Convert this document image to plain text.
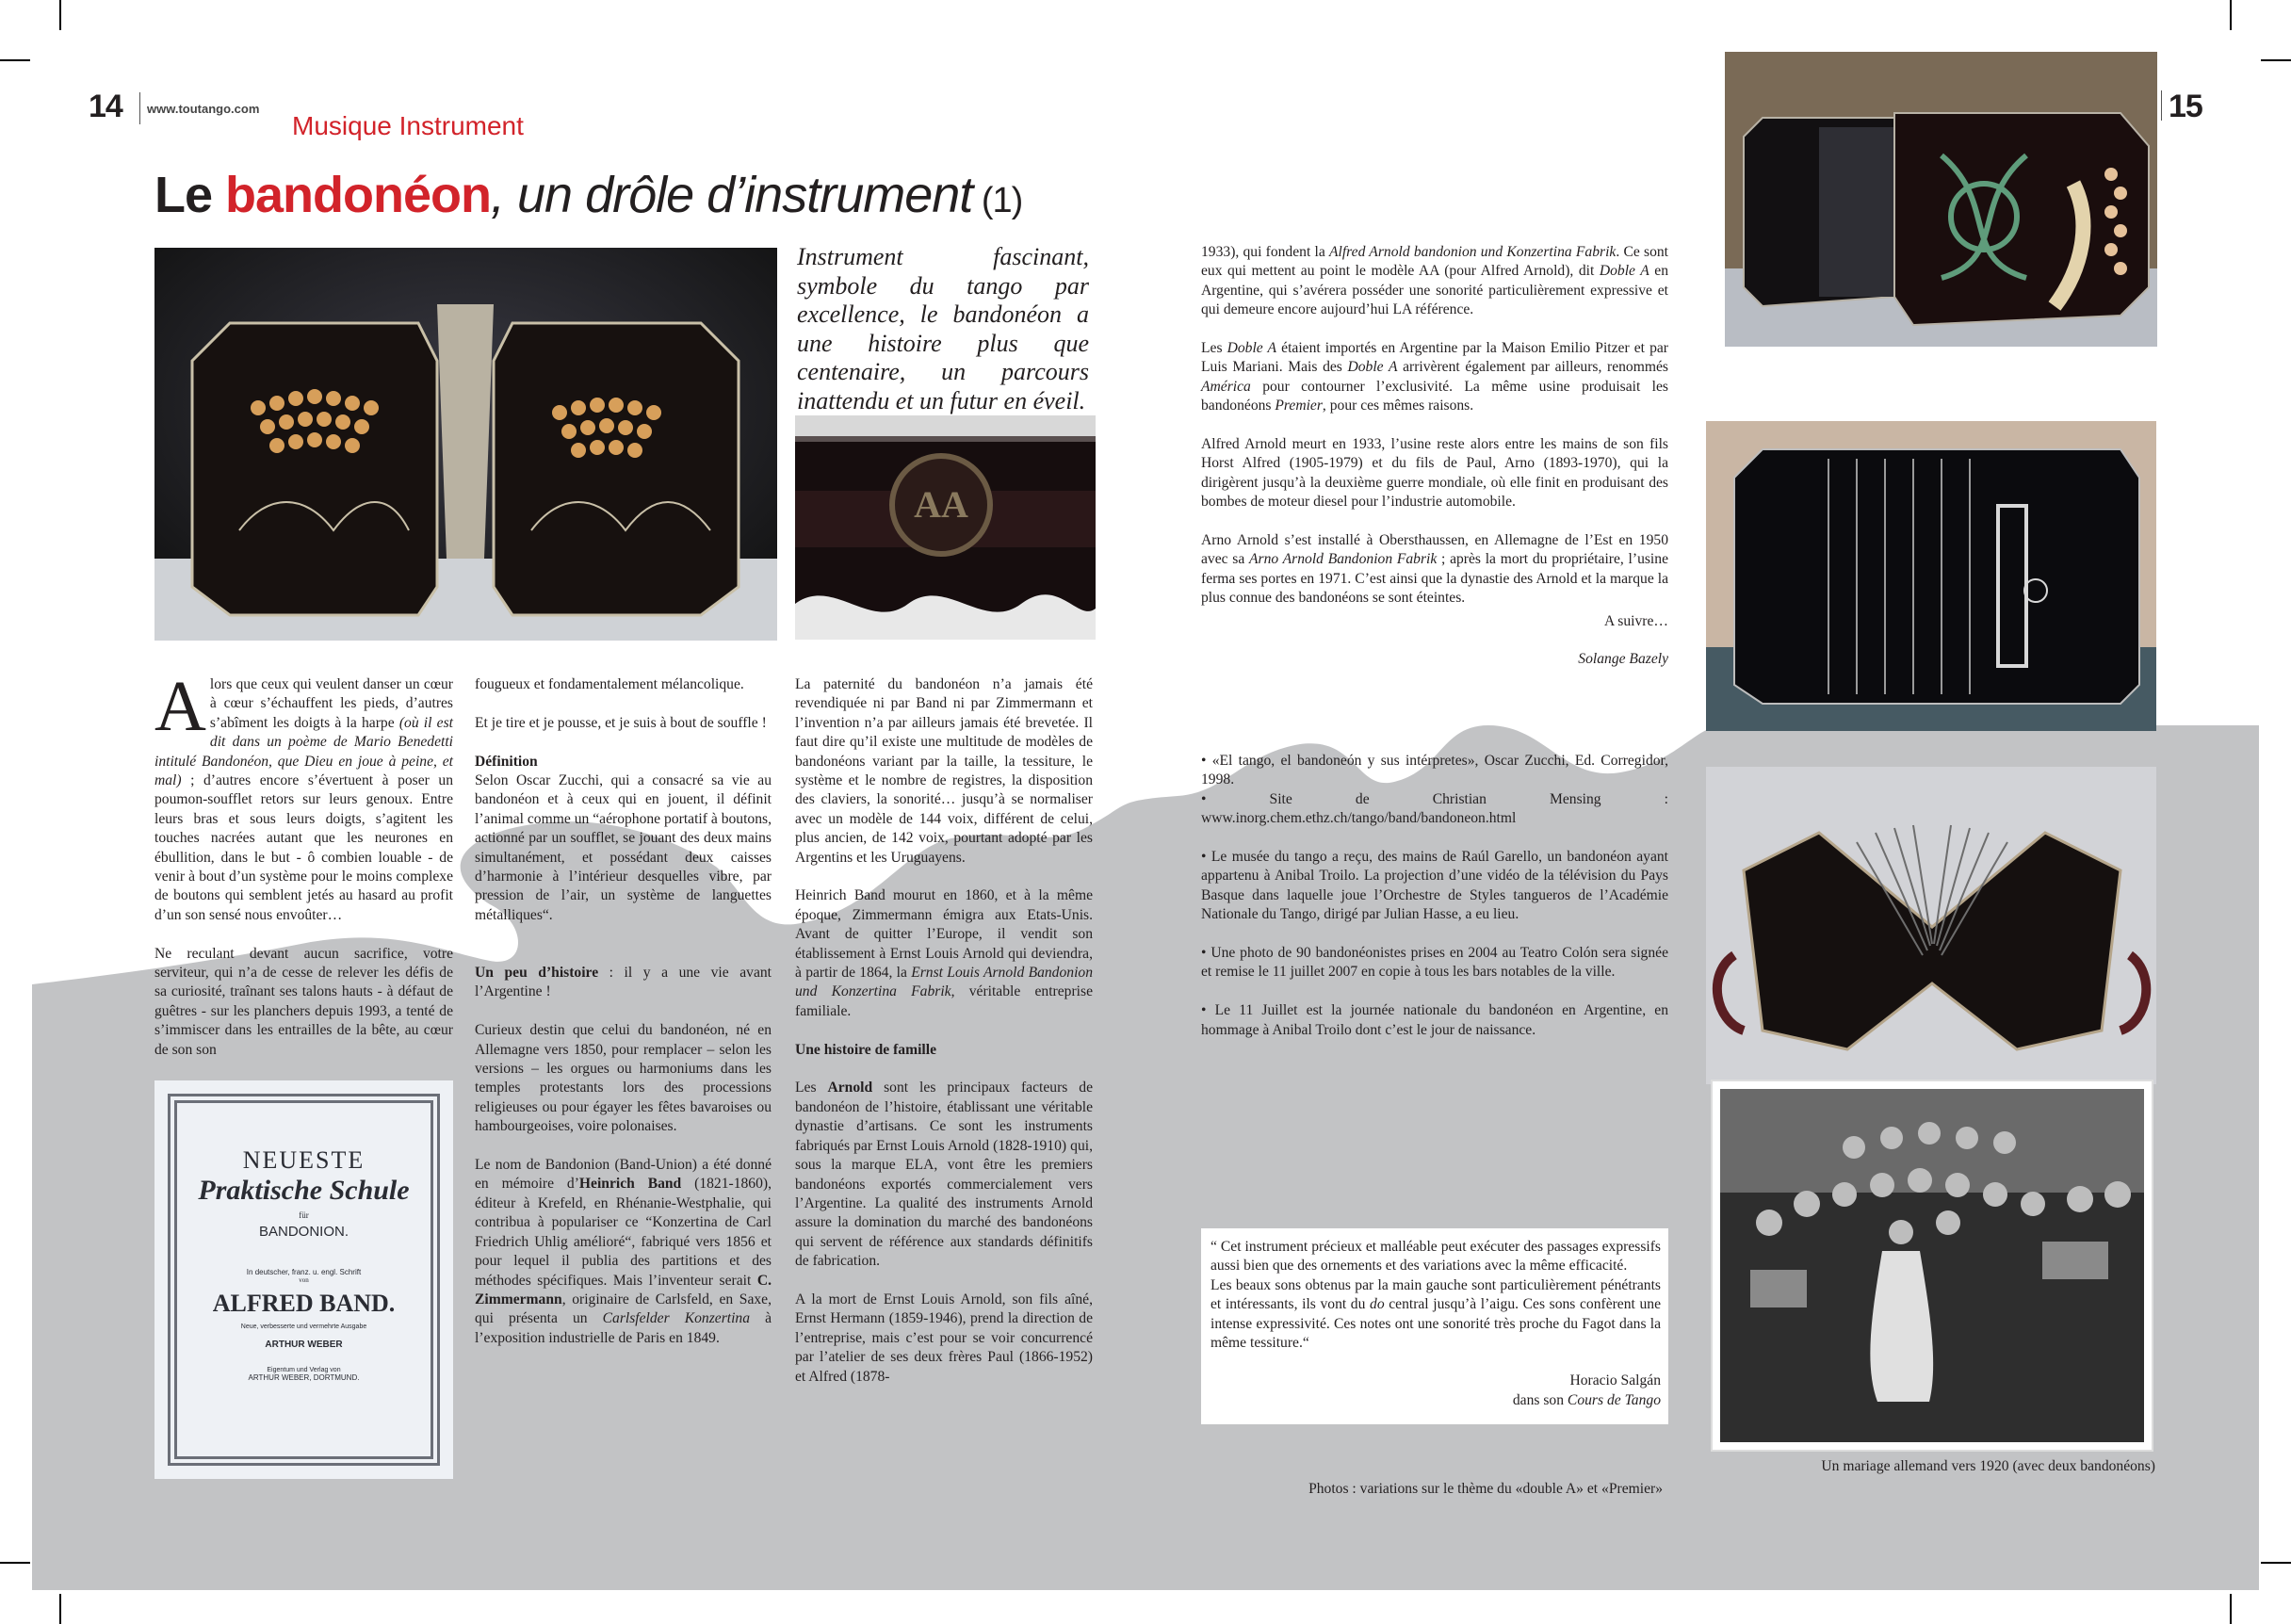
14 www.toutango.com
Musique Instrument
15
Le bandonéon, un drôle d’instrument (1)
Instrument fascinant, symbole du tango par excellence, le bandonéon a une histoire plus que centenaire, un parcours inattendu et un futur en éveil.
AA

Alors que ceux qui veulent danser un cœur à cœur s’échauffent les pieds, d’autres s’abîment les doigts à la harpe (où il est dit dans un poème de Mario Benedetti intitulé Bandonéon, que Dieu en joue à peine, et mal) ; d’autres encore s’évertuent à poser un poumon-soufflet retors sur leurs genoux. Entre leurs bras et sous leurs doigts, s’agitent les touches nacrées autant que les neurones en ébullition, dans le but - ô combien louable - de venir à bout d’un système pour le moins complexe de boutons qui semblent jetés au hasard au profit d’un son sensé nous envoûter…

Ne reculant devant aucun sacrifice, votre serviteur, qui n’a de cesse de relever les défis de sa curiosité, traînant ses talons hauts - à défaut de guêtres - sur les planchers depuis 1993, a tenté de s’immiscer dans les entrailles de la bête, au cœur de son son

NEUESTE
Praktische Schule
für
BANDONION.
In deutscher, franz. u. engl. Schrift
von
ALFRED BAND.
Neue, verbesserte und vermehrte Ausgabe
ARTHUR WEBER
Eigentum und Verlag von
ARTHUR WEBER, DORTMUND.

fougueux et fondamentalement mélancolique.

Et je tire et je pousse, et je suis à bout de souffle !

Définition

Selon Oscar Zucchi, qui a consacré sa vie au bandonéon et à ceux qui en jouent, il définit l’animal comme un “aérophone portatif à boutons, actionné par un soufflet, se jouant des deux mains simultanément, et possédant deux caisses d’harmonie à l’intérieur desquelles vibre, par pression de l’air, un système de languettes métalliques“.

Un peu d’histoire : il y a une vie avant l’Argentine !

Curieux destin que celui du bandonéon, né en Allemagne vers 1850, pour remplacer – selon les versions – les orgues ou harmoniums dans les temples protestants lors des processions religieuses ou pour égayer les fêtes bavaroises ou hambourgeoises, voire polonaises.

Le nom de Bandonion (Band-Union) a été donné en mémoire d’Heinrich Band (1821-1860), éditeur à Krefeld, en Rhénanie-Westphalie, qui contribua à populariser ce “Konzertina de Carl Friedrich Uhlig amélioré“, fabriqué vers 1856 et pour lequel il publia des partitions et des méthodes spécifiques. Mais l’inventeur serait C. Zimmermann, originaire de Carlsfeld, en Saxe, qui présenta un Carlsfelder Konzertina à l’exposition industrielle de Paris en 1849.

La paternité du bandonéon n’a jamais été revendiquée ni par Band ni par Zimmermann et l’invention n’a par ailleurs jamais été brevetée. Il faut dire qu’il existe une multitude de modèles de bandonéons variant par la taille, la tessiture, le système et le nombre de registres, la disposition des claviers, la sonorité… jusqu’à se normaliser avec un modèle de 144 voix, différent de celui, plus ancien, de 142 voix, pourtant adopté par les Argentins et les Uruguayens.

Heinrich Band mourut en 1860, et à la même époque, Zimmermann émigra aux Etats-Unis. Avant de quitter l’Europe, il vendit son établissement à Ernst Louis Arnold qui deviendra, à partir de 1864, la Ernst Louis Arnold Bandonion und Konzertina Fabrik, véritable entreprise familiale.

Une histoire de famille

Les Arnold sont les principaux facteurs de bandonéon de l’histoire, établissant une véritable dynastie d’artisans. Ce sont les instruments fabriqués par Ernst Louis Arnold (1828-1910) qui, sous la marque ELA, vont être les premiers bandonéons exportés commercialement vers l’Argentine. La qualité des instruments Arnold assure la domination du marché des bandonéons qui servent de référence aux standards définitifs de fabrication.

A la mort de Ernst Louis Arnold, son fils aîné, Ernst Hermann (1859-1946), prend la direction de l’entreprise, mais c’est pour se voir concurrencé par l’atelier de ses deux frères Paul (1866-1952) et Alfred (1878-

1933), qui fondent la Alfred Arnold bandonion und Konzertina Fabrik. Ce sont eux qui mettent au point le modèle AA (pour Alfred Arnold), dit Doble A en Argentine, qui s’avérera posséder une sonorité particulièrement expressive et qui demeure encore aujourd’hui LA référence.

Les Doble A étaient importés en Argentine par la Maison Emilio Pitzer et par Luis Mariani. Mais des Doble A arrivèrent également par ailleurs, renommés América pour contourner l’exclusivité. La même usine produisait les bandonéons Premier, pour ces mêmes raisons.

Alfred Arnold meurt en 1933, l’usine reste alors entre les mains de son fils Horst Alfred (1905-1979) et du fils de Paul, Arno (1893-1970), qui la dirigèrent jusqu’à la deuxième guerre mondiale, où elle finit en produisant des bombes de moteur diesel pour l’industrie automobile.

Arno Arnold s’est installé à Obersthaussen, en Allemagne de l’Est en 1950 avec sa Arno Arnold Bandonion Fabrik ; après la mort du propriétaire, l’usine ferma ses portes en 1971. C’est ainsi que la dynastie des Arnold et la marque la plus connue des bandonéons se sont éteintes.

A suivre…

Solange Bazely

• «El tango, el bandoneón y sus intérpretes», Oscar Zucchi, Ed. Corregidor, 1998.

• Site de Christian Mensing : www.inorg.chem.ethz.ch/tango/band/bandoneon.html

• Le musée du tango a reçu, des mains de Raúl Garello, un bandonéon ayant appartenu à Anibal Troilo. La projection d’une vidéo de la télévision du Pays Basque dans laquelle joue l’Orchestre de Styles tangueros de l’Académie Nationale du Tango, dirigé par Julian Hasse, a eu lieu.

• Une photo de 90 bandonéonistes prises en 2004 au Teatro Colón sera signée et remise le 11 juillet 2007 en copie à tous les bars notables de la ville.

• Le 11 Juillet est la journée nationale du bandonéon en Argentine, en hommage à Anibal Troilo dont c’est le jour de naissance.

“ Cet instrument précieux et malléable peut exécuter des passages expressifs aussi bien que des ornements et des variations avec la même efficacité.
Les beaux sons obtenus par la main gauche sont particulièrement pénétrants et intéressants, ils vont du do central jusqu’à l’aigu. Ces sons confèrent une intense expressivité. Ces notes ont une sonorité très proche du Fagot dans la même tessiture.“
Horacio Salgán
dans son Cours de Tango
Photos : variations sur le thème du «double A» et «Premier»
Un mariage allemand vers 1920 (avec deux bandonéons)
